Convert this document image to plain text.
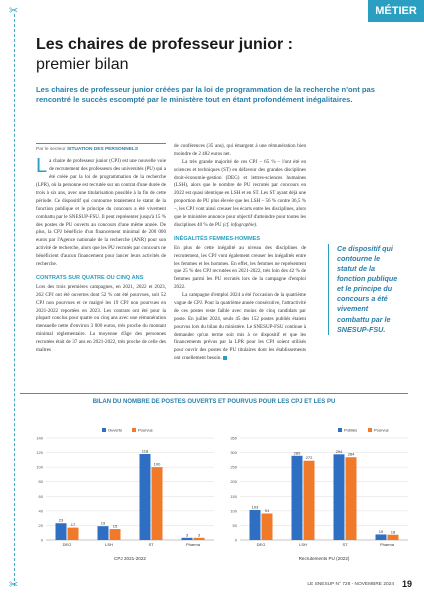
✂
✂
MÉTIER
Les chaires de professeur junior :
premier bilan
Les chaires de professeur junior créées par la loi de programmation de la recherche n'ont pas rencontré le succès escompté par le ministère tout en étant profondément inégalitaires.
Par le secteur SITUATION DES PERSONNELS

La chaire de professeur junior (CPJ) est une nouvelle voie de recrutement des professeurs des universités (PU) qui a été créée par la loi de programmation de la recherche (LPR), où la personne est recrutée sur un contrat d'une durée de trois à six ans, avec une titularisation possible à la fin de cette période. Ce dispositif qui contourne totalement le statut de la fonction publique et le principe du concours a été vivement combattu par le SNESUP-FSU. Il peut représenter jusqu'à 15 % des postes de PU ouverts au concours d'une même année. De plus, la CPJ bénéficie d'un financement minimal de 200 000 euros par l'Agence nationale de la recherche (ANR) pour son activité de recherche, alors que les PU recrutés par concours ne bénéficient d'aucun financement pour lancer leurs activités de recherche.

CONTRATS SUR QUATRE OU CINQ ANS

Lors des trois premières campagnes, en 2021, 2022 et 2023, 262 CPJ ont été ouvertes dont 52 % ont été pourvues, soit 52 CPJ non pourvues et ce malgré les 19 CPJ non pourvues en 2021-2022 reportées en 2023. Les contrats ont été pour la plupart conclus pour quatre ou cinq ans avec une rémunération mensuelle nette d'environ 3 000 euros, très proche du montant minimal réglementaire. La moyenne d'âge des personnes recrutées était de 37 ans en 2021-2022, très proche de celle des maîtres

de conférences (35 ans), qui émargent à une rémunération bien moindre de 2 482 euros net.

La très grande majorité de ces CPJ – 65 % – l'ont été en sciences et techniques (ST) en défaveur des grandes disciplines droit-économie-gestion (DEG) et lettres-sciences humaines (LSH), alors que le nombre de PU recrutés par concours en 2022 est quasi identique en LSH et en ST. Les ST ayant déjà une proportion de PU plus élevée que les LSH – 56 % contre 36,5 % –, les CPJ vont ainsi creuser les écarts entre les disciplines, alors que le ministère annonce pour objectif d'atteindre pour toutes les disciplines 40 % de PU (cf. infographie).

INÉGALITÉS FEMMES-HOMMES

En plus de cette inégalité au niveau des disciplines de recrutement, les CPJ vont également creuser les inégalités entre les femmes et les hommes. En effet, les femmes ne représentent que 25 % des CPJ recrutées en 2021-2022, très loin des 42 % de femmes parmi les PU recrutés lors de la campagne d'emploi 2022.

La campagne d'emploi 2024 a été l'occasion de la quatrième vague de CPJ. Pour la quatrième année consécutive, l'attractivité de ces postes reste faible avec moins de cinq candidats par poste. En juillet 2024, seuls 45 des 152 postes publiés étaient pourvus lors du bilan du ministère. Le SNESUP-FSU continue à demander qu'un terme soit mis à ce dispositif et que les financements prévus par la LPR pour les CPJ soient utilisés pour ouvrir des postes de PU titulaires dont les établissements ont cruellement besoin.

Ce dispositif qui contourne le statut de la fonction publique et le principe du concours a été vivement combattu par le SNESUP-FSU.
BILAN DU NOMBRE DE POSTES OUVERTS ET POURVUS POUR LES CPJ ET LES PU
0
20
40
60
80
100
120
140
Ouverts	Pourvus
23
17
DEG
19
15
LSH
118
100
ST
3 3
Pharma
CPJ 2021-2022
0
50
100
150
200
250
300
350
Publiés	Pourvus
103
91
DEG
289
272
LSH
294
284
ST
19 18
Pharma
Recrutements PU (2022)
LE SNESUP N° 728 - NOVEMBRE 2024 19
